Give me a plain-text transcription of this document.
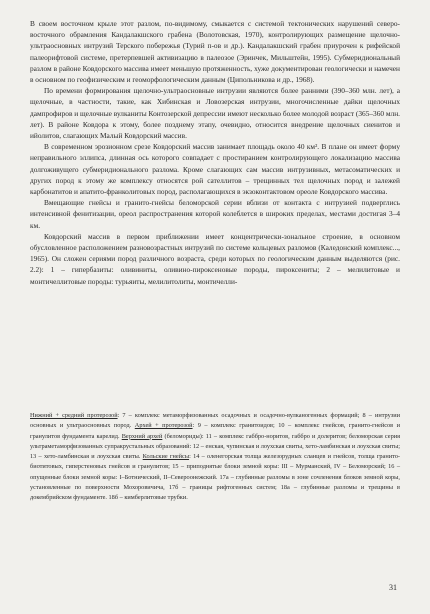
В своем восточном крыле этот разлом, по-видимому, смыкается с системой тектонических нарушений северо-восточного обрамления Кандалакшского грабена (Волотовская, 1970), контролирующих размещение щелочно-ультраосновных интрузий Терского побережья (Турий п-ов и др.). Кандалакшский грабен приурочен к рифейской палеорифтовой системе, претерпевшей активизацию в палеозое (Эринчек, Мильштейн, 1995). Субмеридиональный разлом в районе Ковдорского массива имеет меньшую протяженность, хуже документирован геологически и намечен в основном по геофизическим и геоморфологическим данным (Ципольникова и др., 1968).

По времени формирования щелочно-ультраосновные интрузии являются более ранними (390–360 млн. лет), а щелочные, в частности, такие, как Хибинская и Ловозерская интрузии, многочисленные дайки щелочных дампрофиров и щелочные вулканиты Контозерской депрессии имеют несколько более молодой возраст (365–360 млн. лет). В районе Ковдора к этому, более позднему этапу, очевидно, относится внедрение щелочных сиенитов и ийолитов, слагающих Малый Ковдорский массив.

В современном эрозионном срезе Ковдорский массив занимает площадь около 40 км². В плане он имеет форму неправильного эллипса, длинная ось которого совпадает с простиранием контролирующего локализацию массива долгоживущего субмеридионального разлома. Кроме слагающих сам массив интрузивных, метасоматических и других пород к этому же комплексу относятся рой сателлитов – трещинных тел щелочных пород и залежей карбонатитов и апатито-франколитовых пород, располагающихся в экзоконтактовом ореоле Ковдорского массива.

Вмещающие гнейсы и гранито-гнейсы беломорской серии вблизи от контакта с интрузией подверглись интенсивной фенитизации, ореол распространения которой колеблется в широких пределах, местами достигая 3–4 км.

Ковдорский массив в первом приближении имеет концентрически-зональное строение, в основном обусловленное расположением разновозрастных интрузий по системе кольцевых разломов (Каледонский комплекс..., 1965). Он сложен сериями пород различного возраста, среди которых по геологическим данным выделяются (рис. 2.2): 1 – гипербазиты: оливиниты, оливино-пироксеновые породы, пироксениты; 2 – мелилитовые и монтичеллитовые породы: турьяиты, мелилитолиты, монтичелли-

Нижний + средний протерозой: 7 – комплекс метаморфизованных осадочных и осадочно-вулканогенных формаций; 8 – интрузии основных и ультраосновных пород. Архей + протерозой: 9 – комплекс гранитоидов; 10 – комплекс гнейсов, гранито-гнейсов и гранулитов фундамента карелид. Верхний архей (беломориды): 11 – комплекс габбро-норитов, габбро и долеритов; беломорская серия ультраметаморфизованных супракрустальных образований: 12 – енская, чупинская и лоухская свиты, хето-ламбинская и лоухская свиты; 13 – хето-ламбинская и лоухская свиты. Кольские гнейсы: 14 – оленегорская толща железорудных сланцев и гнейсов, толща гранито-биотитовых, гиперстеновых гнейсов и гранулитов; 15 – приподнятые блоки земной коры: III – Мурманский, IV – Беломорский; 16 – опущенные блоки земной коры: I–Ботнический, II–Североонежский. 17а – глубинные разломы в зоне сочленения блоков земной коры, установленные по поверхности Мохоровичича, 17б – границы рифтогенных систем; 18а – глубинные разломы и трещины в докембрийском фундаменте. 18б – кимберлитовые трубки.

31
